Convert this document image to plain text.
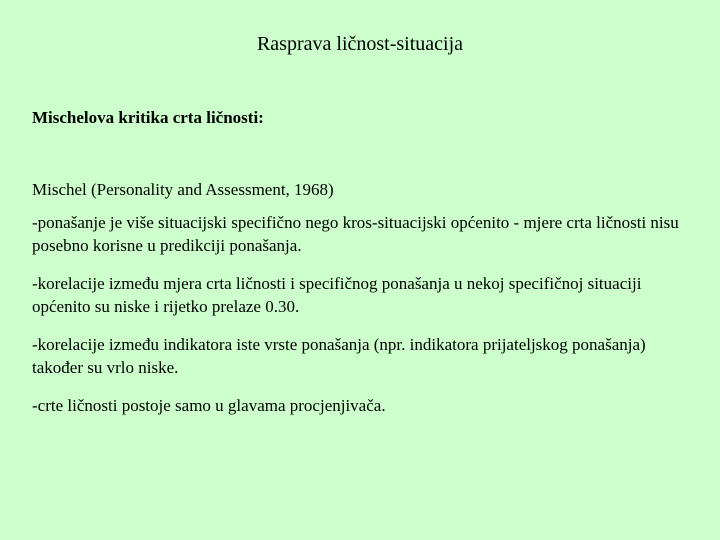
Rasprava ličnost-situacija
Mischelova kritika crta ličnosti:

Mischel (Personality and Assessment, 1968)

-ponašanje je više situacijski specifično nego kros-situacijski općenito - mjere crta ličnosti nisu posebno korisne u predikciji ponašanja.

-korelacije između mjera crta ličnosti i specifičnog ponašanja u nekoj specifičnoj situaciji općenito su niske i rijetko prelaze 0.30.

-korelacije između indikatora iste vrste ponašanja (npr. indikatora prijateljskog ponašanja) također su vrlo niske.

-crte ličnosti postoje samo u glavama procjenjivača.
